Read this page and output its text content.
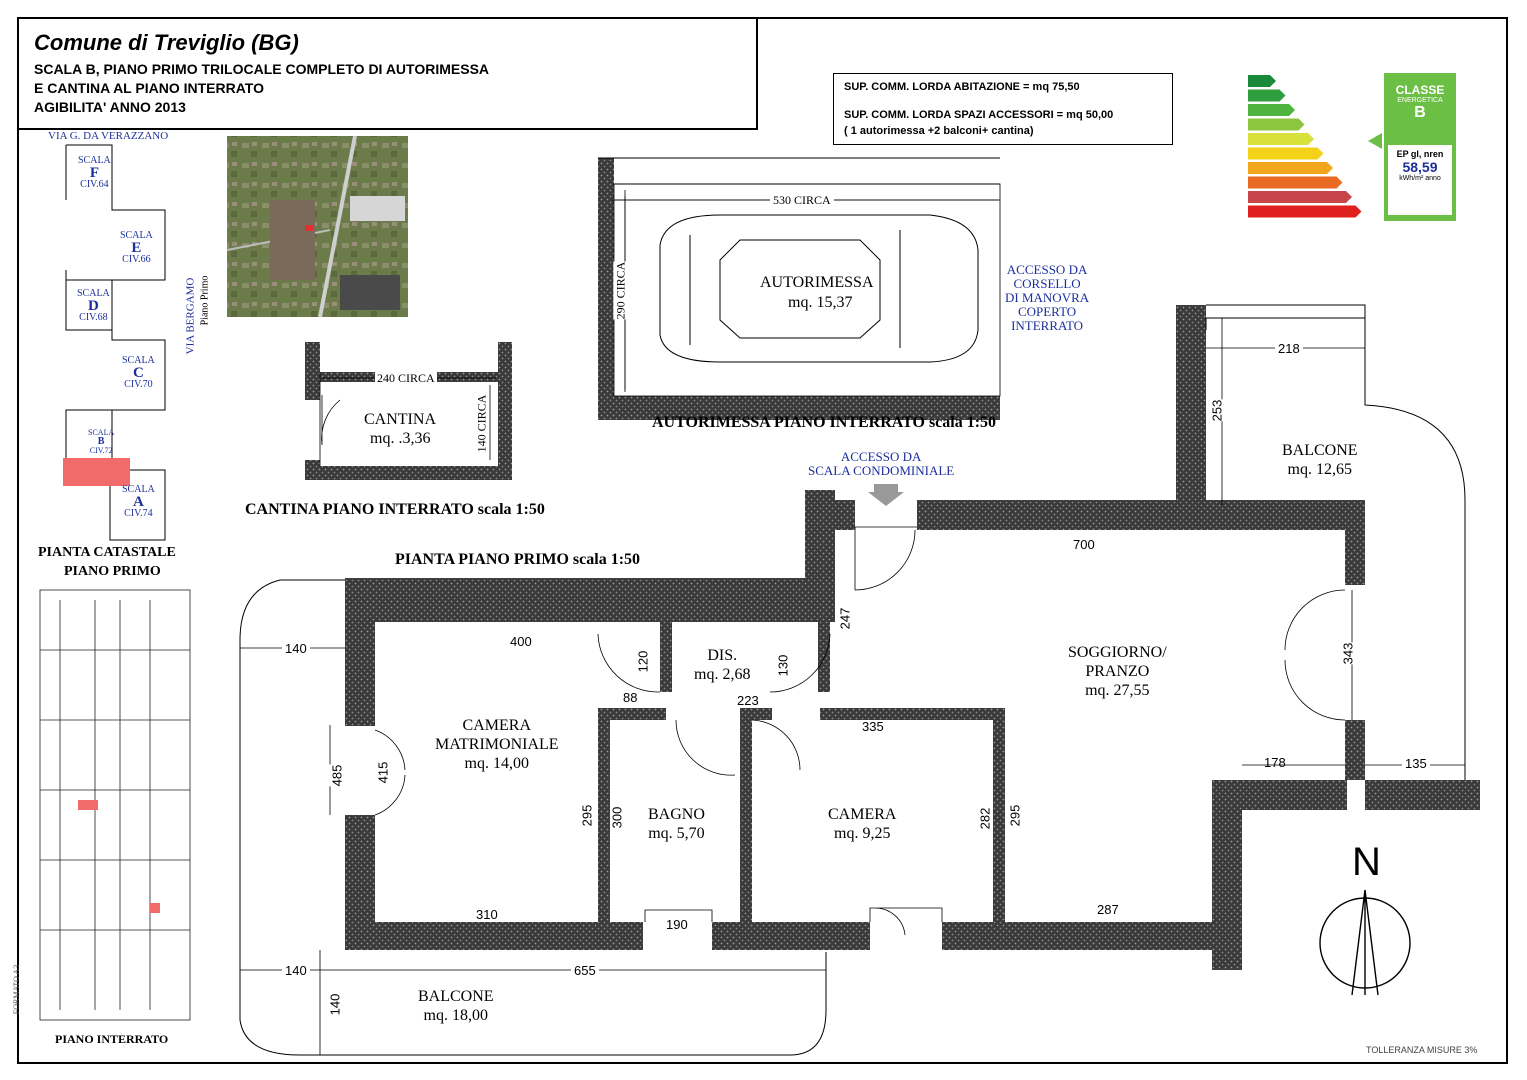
Comune di Treviglio (BG)
SCALA B, PIANO PRIMO TRILOCALE COMPLETO DI AUTORIMESSA
E CANTINA AL PIANO INTERRATO
AGIBILITA' ANNO 2013
SUP. COMM. LORDA ABITAZIONE = mq 75,50
SUP. COMM. LORDA SPAZI ACCESSORI = mq 50,00
( 1 autorimessa +2 balconi+ cantina)
CLASSE
ENERGETICA
B
EP gl, nren
58,59
kWh/m² anno
VIA G. DA VERAZZANO
VIA BERGAMO Piano Primo
SCALA
F
CIV.64
SCALA
E
CIV.66
SCALA
D
CIV.68
SCALA
C
CIV.70
SCALA
B
CIV.72
SCALA
A
CIV.74
PIANTA CATASTALE
PIANO PRIMO
PIANO INTERRATO
FORMATO A3
530 CIRCA
290 CIRCA	AUTORIMESSA
mq. 15,37
ACCESSO DA
CORSELLO
DI MANOVRA
COPERTO
INTERRATO
AUTORIMESSA PIANO INTERRATO scala 1:50
240 CIRCA
140 CIRCA
CANTINA
mq. .3,36
CANTINA PIANO INTERRATO scala 1:50
PIANTA PIANO PRIMO scala 1:50
ACCESSO DA
SCALA CONDOMINIALE
BALCONE
mq. 12,65
SOGGIORNO/
PRANZO
mq. 27,55
DIS.
mq. 2,68
CAMERA
MATRIMONIALE
mq. 14,00
BAGNO
mq. 5,70
CAMERA
mq. 9,25
BALCONE
mq. 18,00
218
253
700
247
400
140
120	130
88	223
335
343
485 415
295 300	282 295
178	135
310
190
287
140	655
140
N
TOLLERANZA MISURE 3%
